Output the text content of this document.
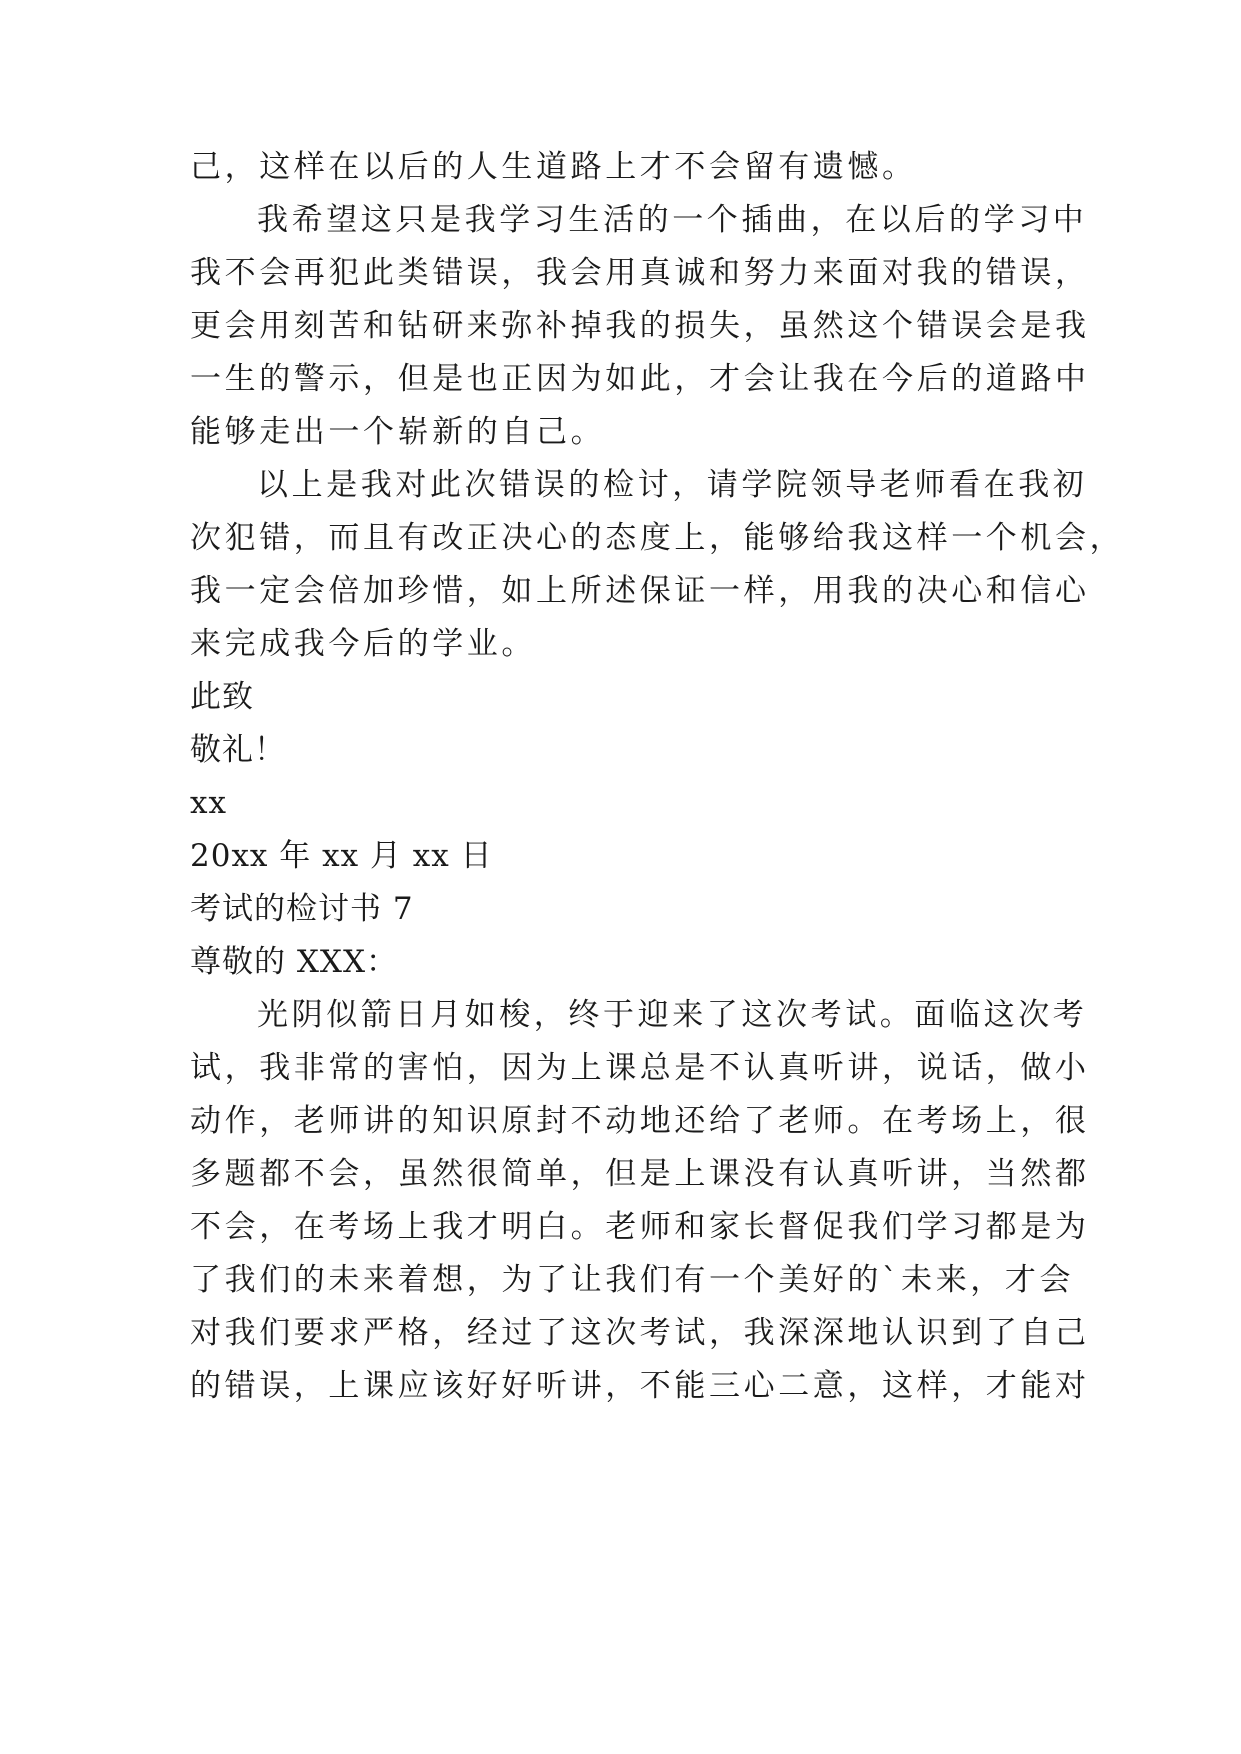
己，这样在以后的人生道路上才不会留有遗憾。
我希望这只是我学习生活的一个插曲，在以后的学习中
我不会再犯此类错误，我会用真诚和努力来面对我的错误，
更会用刻苦和钻研来弥补掉我的损失，虽然这个错误会是我
一生的警示，但是也正因为如此，才会让我在今后的道路中
能够走出一个崭新的自己。
以上是我对此次错误的检讨，请学院领导老师看在我初
次犯错，而且有改正决心的态度上，能够给我这样一个机会，
我一定会倍加珍惜，如上所述保证一样，用我的决心和信心
来完成我今后的学业。
此致
敬礼！
xx
20xx 年 xx 月 xx 日
考试的检讨书 7
尊敬的 XXX：
光阴似箭日月如梭，终于迎来了这次考试。面临这次考
试，我非常的害怕，因为上课总是不认真听讲，说话，做小
动作，老师讲的知识原封不动地还给了老师。在考场上，很
多题都不会，虽然很简单，但是上课没有认真听讲，当然都
不会，在考场上我才明白。老师和家长督促我们学习都是为
了我们的未来着想，为了让我们有一个美好的`未来，才会
对我们要求严格，经过了这次考试，我深深地认识到了自己
的错误，上课应该好好听讲，不能三心二意，这样，才能对
